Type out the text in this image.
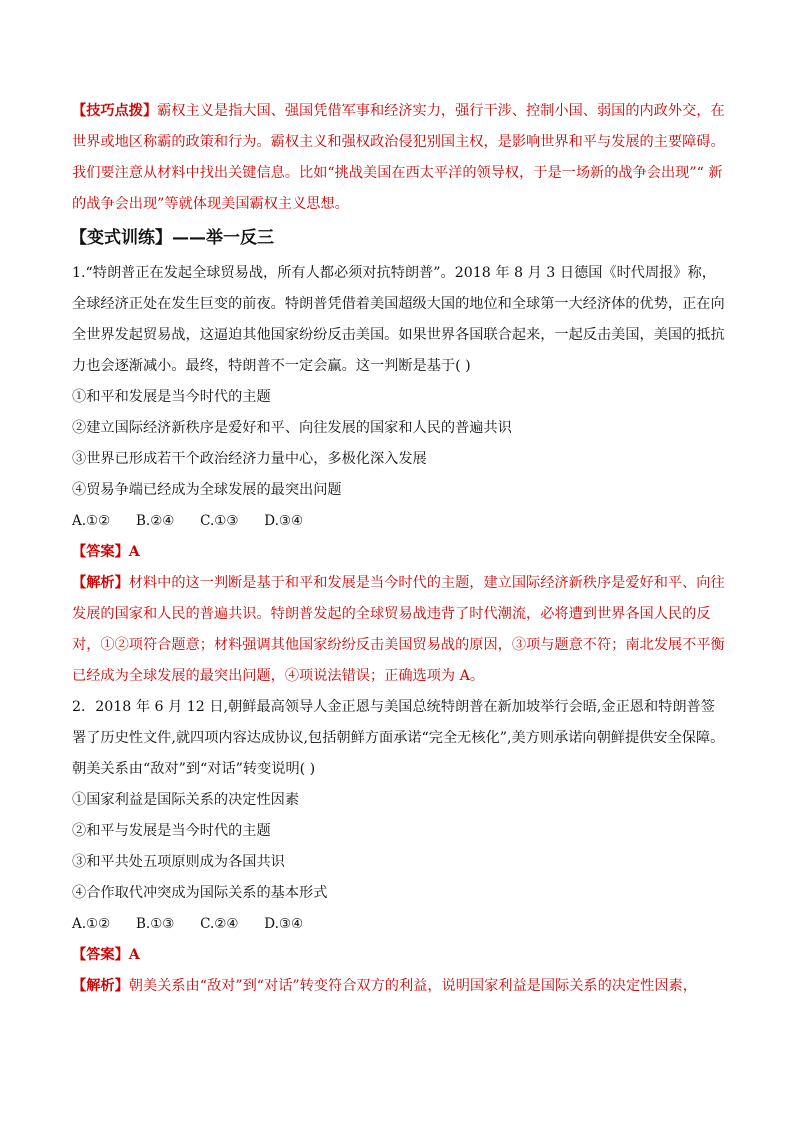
【技巧点拨】霸权主义是指大国、强国凭借军事和经济实力，强行干涉、控制小国、弱国的内政外交，在世界或地区称霸的政策和行为。霸权主义和强权政治侵犯别国主权，是影响世界和平与发展的主要障碍。我们要注意从材料中找出关键信息。比如“挑战美国在西太平洋的领导权，于是一场新的战争会出现”“ 新的战争会出现”等就体现美国霸权主义思想。

【变式训练】——举一反三

1.“特朗普正在发起全球贸易战，所有人都必须对抗特朗普”。2018 年 8 月 3 日德国《时代周报》称，全球经济正处在发生巨变的前夜。特朗普凭借着美国超级大国的地位和全球第一大经济体的优势，正在向全世界发起贸易战，这逼迫其他国家纷纷反击美国。如果世界各国联合起来，一起反击美国，美国的抵抗力也会逐渐减小。最终，特朗普不一定会赢。这一判断是基于( )

①和平和发展是当今时代的主题

②建立国际经济新秩序是爱好和平、向往发展的国家和人民的普遍共识

③世界已形成若干个政治经济力量中心，多极化深入发展

④贸易争端已经成为全球发展的最突出问题

A.①②      B.②④      C.①③      D.③④

【答案】A

【解析】材料中的这一判断是基于和平和发展是当今时代的主题，建立国际经济新秩序是爱好和平、向往发展的国家和人民的普遍共识。特朗普发起的全球贸易战违背了时代潮流，必将遭到世界各国人民的反对，①②项符合题意；材料强调其他国家纷纷反击美国贸易战的原因，③项与题意不符；南北发展不平衡已经成为全球发展的最突出问题，④项说法错误；正确选项为 A。

2．2018 年 6 月 12 日,朝鲜最高领导人金正恩与美国总统特朗普在新加坡举行会晤,金正恩和特朗普签署了历史性文件,就四项内容达成协议,包括朝鲜方面承诺“完全无核化”,美方则承诺向朝鲜提供安全保障。朝美关系由“敌对”到“对话”转变说明( )

①国家利益是国际关系的决定性因素

②和平与发展是当今时代的主题

③和平共处五项原则成为各国共识

④合作取代冲突成为国际关系的基本形式

A.①②      B.①③      C.②④      D.③④

【答案】A

【解析】朝美关系由“敌对”到“对话”转变符合双方的利益，说明国家利益是国际关系的决定性因素，
